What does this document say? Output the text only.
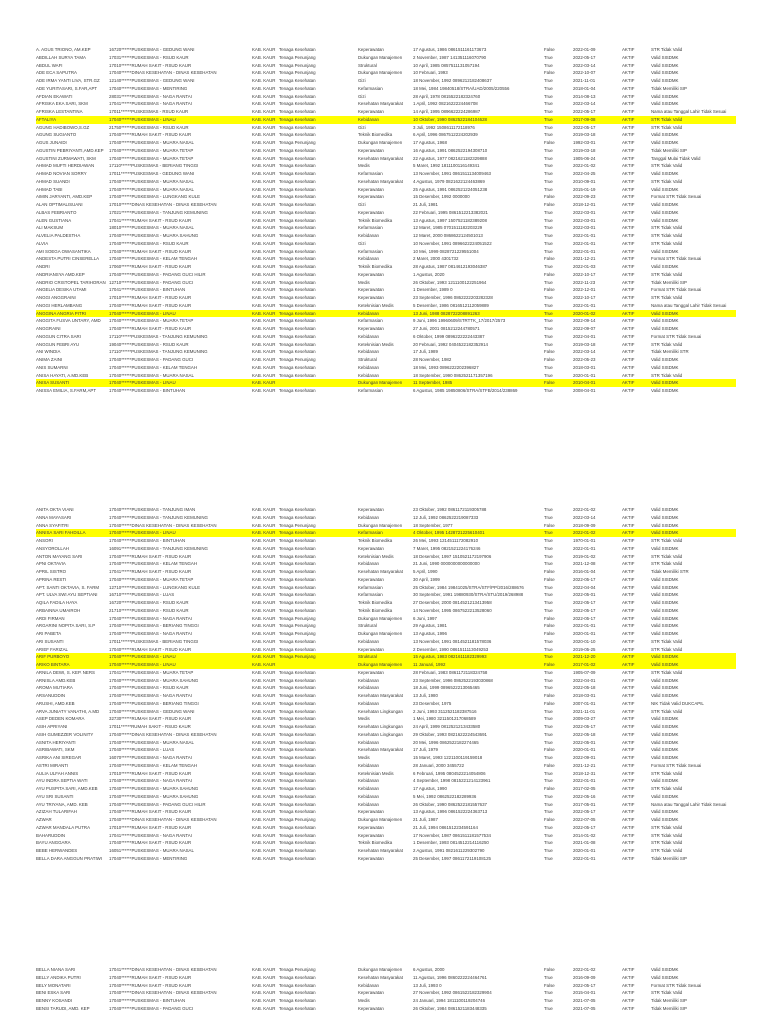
A. AGUS TRIONO, AM.KEP	16720******PUSKESMAS - GEDUNG WANI	KAB. KAUR Tenaga Kesehatan	Keperawatan	17 Agustus, 1986 0861511161173673	False	2022-01-09	AKTIF	STR Tidak Valid
ABDILLAH SURYA TAMA	17031******PUSKESMAS - RSUD KAUR	KAB. KAUR Tenaga Penunjang	Dukungan Manajemen	2 November, 1987 141351116070790	True	2022-05-17	AKTIF	Valid SISDMK
ABDUL WAFI	17010******RUMAH SAKIT - RSUD KAUR	KAB. KAUR Tenaga Penunjang	Struktural	10 April, 1985 0857511131057194	True	2022-03-14	AKTIF	Valid SISDMK
ADE ECA SAPUTRA	17040******DINAS KESEHATAN - DINAS KESEHATAN	KAB. KAUR Tenaga Penunjang	Dukungan Manajemen	10 Februari, 1993	False	2022-10-07	AKTIF	Valid SISDMK
ADE IRMA YANTI LIVA, STR.GZ	12140******PUSKESMAS - GEDUNG WANI	KAB. KAUR Tenaga Kesehatan	Gizi	18 November, 1992 0896212182408637	True	2021-11-01	AKTIF	Valid SISDMK
ADE YURITASARI, S.FAR,APT	17040******PUSKESMAS - MENTIRING	KAB. KAUR Tenaga Kesehatan	Kefarmasian	18 Mei, 1984 19840518/STRA/UAD/2005/220556	True	2018-01-04	AKTIF	Tidak Memiliki SIP
AFDIAN EKAWATI	28031******PUSKESMAS - NAGA RANTAI	KAB. KAUR Tenaga Kesehatan	Gizi	28 April, 1978 0815522182324760	True	2014-08-13	AKTIF	Valid SISDMK
AFRISKA EKA SARI, SKM	17041******PUSKESMAS - NAGA RANTAI	KAB. KAUR Tenaga Kesehatan	Kesehatan Masyarakat	1 April, 1992 0821622224466708	True	2022-03-14	AKTIF	Valid SISDMK
AFRISKA LESTANTINA	17011******PUSKESMAS - RSUD KAUR	KAB. KAUR Tenaga Kesehatan	Keperawatan	14 April, 1995 0896622224286987	True	2022-05-17	AKTIF	Nama atau Tanggal Lahir Tidak Sesuai
AFTALIYA	17040******PUSKESMAS - LINAU	KAB. KAUR Tenaga Kesehatan	Kebidanan	10 Oktober, 1990 0862522184104628	True	2017-09-08	AKTIF	STR Tidak Valid
AGUNG HADIBOWO,S.GZ	21750******PUSKESMAS - RSUD KAUR	KAB. KAUR Tenaga Kesehatan	Gizi	3 Juli, 1992 1508611172118976	True	2022-05-17	AKTIF	STR Tidak Valid
AGUNG SUGIANTO	17040******RUMAH SAKIT - RSUD KAUR	KAB. KAUR Tenaga Kesehatan	Teknik Biomedika	6 April, 1996 0867512224202939	True	2019-03-18	AKTIF	Valid SISDMK
AGUS JUNAIDI	17040******PUSKESMAS - MUARA NASAL	KAB. KAUR Tenaga Penunjang	Dukungan Manajemen	17 Agustus, 1968	False	1992-03-01	AKTIF	Valid SISDMK
AGUSTIN PEBRIYANTI,AMD.KEP	17040******PUSKESMAS - MUARA TETAP	KAB. KAUR Tenaga Kesehatan	Keperawatan	16 Agustus, 1991 0862522194308710	True	2019-03-18	AKTIF	Tidak Memiliki SIP
AGUSTINI ZURMAWATI, SKM	17040******PUSKESMAS - MUARA TETAP	KAB. KAUR Tenaga Kesehatan	Kesehatan Masyarakat	22 Agustus, 1977 0821621182329888	True	1905-06-24	AKTIF	Tanggal Mulai Tidak Valid
AHMAD MUFTI HERDIAWAN	17110******PUSKESMAS - BERIANG TINGGI	KAB. KAUR Tenaga Kesehatan	Medis	5 Maret, 1992 1811100116149341	True	2022-01-02	AKTIF	STR Tidak Valid
AHMAD NOVIAN SORRY	17011******PUSKESMAS - GEDUNG WANI	KAB. KAUR Tenaga Kesehatan	Kefarmasian	13 November, 1991 0861511134009463	True	2022-04-25	AKTIF	Valid SISDMK
AHMAD SUANDI	17040******PUSKESMAS - MUARA NASAL	KAB. KAUR Tenaga Kesehatan	Kesehatan Masyarakat	4 Agustus, 1979 0821622124463869	True	2010-09-01	AKTIF	STR Tidak Valid
AHMAD TABI	17040******PUSKESMAS - MUARA NASAL	KAB. KAUR Tenaga Kesehatan	Keperawatan	25 Agustus, 1991 0862521224051238	True	2015-01-19	AKTIF	Valid SISDMK
AIMIN JARYANTI, AMD.KEP	17040******PUSKESMAS - LUNGKANG KULE	KAB. KAUR Tenaga Kesehatan	Keperawatan	15 Desember, 1992 0000000	False	2022-09-23	AKTIF	Format STR Tidak Sesuai
ALAN OPTIMALISUANI	17010******DINAS KESEHATAN - DINAS KESEHATAN	KAB. KAUR Tenaga Kesehatan	Gizi	21 Juli, 1981	False	2018-12-01	AKTIF	Valid SISDMK
ALBAS FEBRIANTO	17021******PUSKESMAS - TANJUNG KEMUNING	KAB. KAUR Tenaga Kesehatan	Keperawatan	22 Februari, 1995 0861512213382021	True	2022-03-01	AKTIF	Valid SISDMK
ALEN GUSTIANA	17041******RUMAH SAKIT - RSUD KAUR	KAB. KAUR Tenaga Kesehatan	Teknik Biomedika	13 Agustus, 1997 1507521182389208	True	2022-03-01	AKTIF	Valid SISDMK
ALI MAKSUM	18010******PUSKESMAS - MUARA NASAL	KAB. KAUR Tenaga Kesehatan	Kefarmasian	12 Maret, 1985 0701511182203229	True	2022-03-01	AKTIF	STR Tidak Valid
ALVELIA PALDESTHA	17040******PUSKESMAS - MUARA SAHUNG	KAB. KAUR Tenaga Kesehatan	Kebidanan	12 Maret, 2000 0868622124501013	True	2022-01-01	AKTIF	STR Tidak Valid
ALVIA	17040******PUSKESMAS - RSUD KAUR	KAB. KAUR Tenaga Kesehatan	Gizi	10 November, 1991 0896622224051522	True	2022-01-01	AKTIF	STR Tidak Valid
AMI SOEGA OWASANTIKA	17040******RUMAH SAKIT - RSUD KAUR	KAB. KAUR Tenaga Kesehatan	Kefarmasian	10 Mei, 1999 0828721229551004	True	2022-01-01	AKTIF	Valid SISDMK
ANDESTA PUTRI CINSERELLA	17040******PUSKESMAS - KELAM TENGAH	KAB. KAUR Tenaga Kesehatan	Kebidanan	2 Maret, 2000 4301732	False	2021-12-21	AKTIF	Format STR Tidak Sesuai
ANDRI	17060******RUMAH SAKIT - RSUD KAUR	KAB. KAUR Tenaga Kesehatan	Teknik Biomedika	28 Agustus, 1987 0814612193046387	True	2022-01-03	AKTIF	Valid SISDMK
ANDRIANSYA AMD.KEP	17040******PUSKESMAS - PADANG GUCI HILIR	KAB. KAUR Tenaga Kesehatan	Keperawatan	1 Agustus, 2020	False	2022-10-17	AKTIF	STR Tidak Valid
ANDRIO CRISTOPEL TARIHORAN 12710******PUSKESMAS - PADANG GUCI	KAB. KAUR Tenaga Kesehatan	Medis	26 Oktober, 1993 1211100122251964	True	2022-11-23	AKTIF	Tidak Memiliki SIP
ANGELIA DESIKA UTAMI	17041******PUSKESMAS - BINTUHAN	KAB. KAUR Tenaga Kesehatan	Keperawatan	1 Desember, 1989 0	False	2022-12-01	AKTIF	Format STR Tidak Sesuai
ANGGI ANGGRAINI	17010******RUMAH SAKIT - RSUD KAUR	KAB. KAUR Tenaga Kesehatan	Keperawatan	23 September, 1996 0862222203282328	True	2022-10-17	AKTIF	STR Tidak Valid
ANGGI HERLAMBANG	17040******RUMAH SAKIT - RSUD KAUR	KAB. KAUR Tenaga Kesehatan	Keteknisian Medis	5 Desember, 1986 0816512112059889	True	2022-01-01	AKTIF	Nama atau Tanggal Lahir Tidak Sesuai
ANGGINA ANGRIA PITRI	17040******PUSKESMAS - LINAU	KAB. KAUR Tenaga Kesehatan	Kebidanan	13 Juni, 1988 0828722208891263	True	2020-01-02	AKTIF	Valid SISDMK
ANGGITA FUSVA UNTARY, AMD	17040******PUSKESMAS - MUARA TETAP	KAB. KAUR Tenaga Kesehatan	Kefarmasian	9 Juni, 1996 19960609/STRTTK_17/2017/2573	True	2022-09-14	AKTIF	Valid SISDMK
ANGGRAINI	17040******RUMAH SAKIT - RSUD KAUR	KAB. KAUR Tenaga Kesehatan	Keperawatan	27 Juni, 2001 0815212244780571	True	2022-09-07	AKTIF	Valid SISDMK
ANGGUN CITRA SARI	17110******PUSKESMAS - TANJUNG KEMUNING	KAB. KAUR Tenaga Kesehatan	Kebidanan	6 Oktober, 1999 0896222222443387	True	2022-04-01	AKTIF	Format STR Tidak Sesuai
ANGGUN FEBRI AYU	19040******PUSKESMAS - RSUD KAUR	KAB. KAUR Tenaga Kesehatan	Keteknisian Medis	20 Februari, 1992 0404522182352914	True	2019-03-18	AKTIF	STR Tidak Valid
ANI WINDIA	17110******PUSKESMAS - TANJUNG KEMUNING	KAB. KAUR Tenaga Kesehatan	Kebidanan	17 Juli, 1989	False	2022-03-14	AKTIF	Tidak Memiliki STR
ANIMA ZAINI	17040******PUSKESMAS - PADANG GUCI	KAB. KAUR Tenaga Penunjang	Struktural	28 November, 1982	False	2022-05-23	AKTIF	Valid SISDMK
ANIS SUMARNI	17040******PUSKESMAS - KELAM TENGAH	KAB. KAUR Tenaga Kesehatan	Kebidanan	18 Mei, 1993 0896222202396827	True	2018-03-01	AKTIF	Valid SISDMK
ANISA HAYATI, A.MD.KEB	17040******PUSKESMAS - MUARA NASAL	KAB. KAUR Tenaga Kesehatan	Kebidanan	18 September, 1990 0862521171357196	True	2020-01-01	AKTIF	STR Tidak Valid
ANISA SUSANTI	17040******PUSKESMAS - LINAU	KAB. KAUR	Dukungan Manajemen	11 September, 1985	False	2010-04-01	AKTIF	Valid SISDMK
ANISSA EMILIA, S.FARM,APT	17040******PUSKESMAS - BINTUHAN	KAB. KAUR Tenaga Kesehatan	Kefarmasian	6 Agustus, 1985 19850806/STRA/STFB/2014/238869	True	2008-04-01	AKTIF	Valid SISDMK
ANITA OKTA VIANI	17040******PUSKESMAS - TANJUNG IMAN	KAB. KAUR Tenaga Kesehatan	Keperawatan	23 Oktober, 1992 0861172119305788	True	2022-01-02	AKTIF	Valid SISDMK
ANNA MAYASARI	17040******PUSKESMAS - TANJUNG KEMUNING	KAB. KAUR Tenaga Kesehatan	Kebidanan	12 Juli, 1992 0862522219087333	True	2022-03-14	AKTIF	Valid SISDMK
ANNA SYAFITRI	17040******DINAS KESEHATAN - DINAS KESEHATAN	KAB. KAUR Tenaga Penunjang	Dukungan Manajemen	18 September, 1977	False	2018-09-09	AKTIF	Valid SISDMK
ANNISA SARI FAHDILLA	17040******PUSKESMAS - LINAU	KAB. KAUR Tenaga Kesehatan	Kefarmasian	4 Oktober, 1995 1428721225610401	True	2022-01-02	AKTIF	Valid SISDMK
ANSORI	17040******PUSKESMAS - BINTUHAN	KAB. KAUR Tenaga Kesehatan	Teknik Biomedika	26 Mei, 1993 1214511172082910	True	1970-01-01	AKTIF	STR Tidak Valid
ANSYOROLLAH	16091******PUSKESMAS - TANJUNG KEMUNING	KAB. KAUR Tenaga Kesehatan	Keperawatan	7 Maret, 1995 0821521224176246	True	2022-01-01	AKTIF	Valid SISDMK
ANTON MAYANG SARI	17040******RUMAH SAKIT - RSUD KAUR	KAB. KAUR Tenaga Kesehatan	Keteknisian Medis	18 Desember, 1997 1510521172197906	True	2019-01-02	AKTIF	STR Tidak Valid
APNI OKTAVIA	17040******PUSKESMAS - KELAM TENGAH	KAB. KAUR Tenaga Kesehatan	Kebidanan	21 Juni, 1990 0000000000000000	True	2021-12-08	AKTIF	STR Tidak Valid
APRIL SISTRO	17041******RUMAH SAKIT - RSUD KAUR	KAB. KAUR Tenaga Kesehatan	Kesehatan Masyarakat	5 April, 1990	False	2016-01-04	AKTIF	Tidak Memiliki STR
APRINA RESTI	17040******PUSKESMAS - MUARA TETAP	KAB. KAUR Tenaga Kesehatan	Keperawatan	30 April, 1999	False	2022-05-17	AKTIF	Valid SISDMK
APT. SANTI OKTAVIA, S. FARM	12710******PUSKESMAS - LUNGKANG KULE	KAB. KAUR Tenaga Kesehatan	Kefarmasian	25 Oktober, 1984 19841025/STRA/STF/PP/2016/288676	True	2022-04-04	AKTIF	Valid SISDMK
APT. ULVA SWI AYU SEPTIANI	16710******PUSKESMAS - LUAS	KAB. KAUR Tenaga Kesehatan	Kefarmasian	30 September, 1991 19880930/STRA/STU/2019/268988	True	2022-05-01	AKTIF	Valid SISDMK
AQILA FADILA HAYA	16720******PUSKESMAS - RSUD KAUR	KAB. KAUR Tenaga Kesehatan	Teknik Biomedika	27 Desember, 2000 0814521213413958	True	2022-05-17	AKTIF	Valid SISDMK
ARBAINNA UMAIROH	21710******PUSKESMAS - RSUD KAUR	KAB. KAUR Tenaga Kesehatan	Teknik Biomedika	14 November, 1995 0867522213528060	True	2022-05-17	AKTIF	Valid SISDMK
ARDI FIRMAN	17040******PUSKESMAS - NAGA RANTAI	KAB. KAUR Tenaga Penunjang	Dukungan Manajemen	6 Juni, 1997	False	2022-05-17	AKTIF	Valid SISDMK
ARGARINI NOPITA SARI, S.P	17040******PUSKESMAS - BERIANG TINGGI	KAB. KAUR Tenaga Penunjang	Struktural	29 Agustus, 1981	False	2022-01-01	AKTIF	Valid SISDMK
ARI PABETA	17040******PUSKESMAS - NAGA RANTAI	KAB. KAUR Tenaga Penunjang	Dukungan Manajemen	13 Agustus, 1996	False	2020-01-01	AKTIF	Valid SISDMK
ARI SUSANTI	17011******PUSKESMAS - BERIANG TINGGI	KAB. KAUR Tenaga Kesehatan	Kebidanan	13 November, 1991 0814521181578036	True	2020-01-10	AKTIF	STR Tidak Valid
ARIEF FARIZAL	17040******RUMAH SAKIT - RSUD KAUR	KAB. KAUR Tenaga Kesehatan	Keperawatan	2 Desember, 1990 0861511113049253	True	2019-05-25	AKTIF	STR Tidak Valid
ARIF PURBOYO	17040******PUSKESMAS - LINAU	KAB. KAUR Tenaga Penunjang	Struktural	15 Agustus, 1983 0821611182329993	True	2021-12-20	AKTIF	Valid SISDMK
ARIKO BINTARA	17040******PUSKESMAS - LINAU	KAB. KAUR	Dukungan Manajemen	11 Januari, 1992	False	2017-01-02	AKTIF	Valid SISDMK
ARNILA DEWI, S. KEP. NERS	17041******PUSKESMAS - MUARA TETAP	KAB. KAUR Tenaga Kesehatan	Keperawatan	28 Februari, 1983 0861172118324758	True	1905-07-09	AKTIF	STR Tidak Valid
ARNISLA AMD.KEB	17040******PUSKESMAS - MUARA SAHUNG	KAB. KAUR Tenaga Kesehatan	Kebidanan	23 September, 1996 0862522193030868	True	2022-04-01	AKTIF	Valid SISDMK
AROMA MUTIARA	17040******PUSKESMAS - RSUD KAUR	KAB. KAUR Tenaga Kesehatan	Kebidanan	18 Juni, 1999 0896522213065465	True	2022-05-18	AKTIF	Valid SISDMK
ARSANUDDIN	17040******PUSKESMAS - NAGA RANTAI	KAB. KAUR Tenaga Kesehatan	Kesehatan Masyarakat	13 Juli, 1980	False	2018-03-01	AKTIF	Valid SISDMK
ARUSHI, AMD.KEB	17040******PUSKESMAS - BERIANG TINGGI	KAB. KAUR Tenaga Kesehatan	Kebidanan	23 Desember, 1975	False	2007-01-01	AKTIF	NIK Tidak Valid DUKCAPIL
ARVA JUNIATY VANATHI, A.MD	17040******PUSKESMAS - GEDUNG WANI	KAB. KAUR Tenaga Kesehatan	Kesehatan Lingkungan	2 Juni, 1993 3112521182387516	True	2021-11-01	AKTIF	STR Tidak Valid
ASEP DEDEN KOMARA	32730******RUMAH SAKIT - RSUD KAUR	KAB. KAUR Tenaga Kesehatan	Medis	1 Mei, 1980 3211501217068589	True	2009-03-27	AKTIF	Valid SISDMK
ASIH APRIYANI	17011******RUMAH SAKIT - RSUD KAUR	KAB. KAUR Tenaga Kesehatan	Kesehatan Lingkungan	24 April, 1999 0812521213433580	True	2022-05-17	AKTIF	Valid SISDMK
ASIH GUMEZZER VOLINITY	17040******DINAS KESEHATAN - DINAS KESEHATAN	KAB. KAUR Tenaga Kesehatan	Kesehatan Lingkungan	29 Oktober, 1993 0821622224543691	True	2022-05-18	AKTIF	Valid SISDMK
ASNITA HERIYANTI	17040******PUSKESMAS - MUARA NASAL	KAB. KAUR Tenaga Kesehatan	Kebidanan	20 Mei, 1996 0862522182274465	True	2022-05-01	AKTIF	Valid SISDMK
ASRIBAWATI, SKM	17040******PUSKESMAS - LUAS	KAB. KAUR Tenaga Kesehatan	Kesehatan Masyarakat	17 Juli, 1979	False	2020-01-01	AKTIF	Valid SISDMK
ASRIKA ANI SIREGAR	16070******PUSKESMAS - NAGA RANTAI	KAB. KAUR Tenaga Kesehatan	Medis	15 Maret, 1993 1221100119159018	True	2022-09-01	AKTIF	Valid SISDMK
ASTRI MIRANTI	17040******PUSKESMAS - KELAM TENGAH	KAB. KAUR Tenaga Kesehatan	Kebidanan	28 Januari, 2000 3455722	False	2021-12-21	AKTIF	Format STR Tidak Sesuai
AULIA ULFAH ANNIS	17010******RUMAH SAKIT - RSUD KAUR	KAB. KAUR Tenaga Kesehatan	Keteknisian Medis	6 Februari, 1995 0804522214054806	True	2018-12-31	AKTIF	STR Tidak Valid
AYU INDRA SEPTIA WATI	17040******PUSKESMAS - NAGA RANTAI	KAB. KAUR Tenaga Kesehatan	Kebidanan	4 September, 1998 0815221214123961	True	2022-01-01	AKTIF	Valid SISDMK
AYU PUSPITA SARI, AMD.KEB	17040******PUSKESMAS - MUARA SAHUNG	KAB. KAUR Tenaga Kesehatan	Kebidanan	17 Agustus, 1990	False	2017-02-05	AKTIF	STR Tidak Valid
AYU SRI SUSANTI	17040******PUSKESMAS - MUARA SAHUNG	KAB. KAUR Tenaga Kesehatan	Kebidanan	5 Mei, 1992 0862522182289936	True	2022-05-16	AKTIF	Valid SISDMK
AYU TRIYANA, AMD. KEB	17040******PUSKESMAS - PADANG GUCI HILIR	KAB. KAUR Tenaga Kesehatan	Kebidanan	26 Oktober, 1990 0862522181557637	True	2017-05-01	AKTIF	Nama atau Tanggal Lahir Tidak Sesuai
AZIZAH TULARIFAH	17040******RUMAH SAKIT - RSUD KAUR	KAB. KAUR Tenaga Kesehatan	Keperawatan	13 Agustus, 1996 0861522224363713	True	2022-05-17	AKTIF	Valid SISDMK
AZWAR	17040******DINAS KESEHATAN - DINAS KESEHATAN	KAB. KAUR Tenaga Penunjang	Dukungan Manajemen	21 Juli, 1987	False	2022-07-05	AKTIF	Valid SISDMK
AZWAR MANDALA PUTRA	17010******RUMAH SAKIT - RSUD KAUR	KAB. KAUR Tenaga Kesehatan	Keperawatan	21 Juli, 1994 0861512234591164	True	2022-05-17	AKTIF	STR Tidak Valid
BAHARUDDIN	17041******PUSKESMAS - NAGA RANTAI	KAB. KAUR Tenaga Kesehatan	Keperawatan	17 November, 1987 0861511181577534	True	2014-01-02	AKTIF	STR Tidak Valid
BAYU ANGGARA	17040******RUMAH SAKIT - RSUD KAUR	KAB. KAUR Tenaga Kesehatan	Teknik Biomedika	1 Desember, 1993 0814512214116250	True	2021-01-08	AKTIF	STR Tidak Valid
BEBE HERWANDES	16051******PUSKESMAS - MUARA NASAL	KAB. KAUR Tenaga Kesehatan	Kesehatan Masyarakat	2 Agustus, 1991 0821611229302790	True	2020-01-01	AKTIF	STR Tidak Valid
BELLA DARA ANGGUN PRATIWI	17040******PUSKESMAS - MENTIRING	KAB. KAUR Tenaga Kesehatan	Keperawatan	25 Desember, 1997 0861172119108125	True	2022-01-01	AKTIF	Tidak Memiliki SIP
BELLA NIANA SARI	17041******DINAS KESEHATAN - DINAS KESEHATAN	KAB. KAUR Tenaga Penunjang	Dukungan Manajemen	6 Agustus, 2000	False	2022-01-02	AKTIF	Valid SISDMK
BELLY ANDIKA PUTRI	17040******RUMAH SAKIT - RSUD KAUR	KAB. KAUR Tenaga Kesehatan	Kesehatan Masyarakat	11 Agustus, 1996 0860222224464761	True	2016-09-09	AKTIF	Valid SISDMK
BELY MONATARI	17040******RUMAH SAKIT - RSUD KAUR	KAB. KAUR Tenaga Kesehatan	Kebidanan	13 Juli, 1993 0	False	2022-05-17	AKTIF	Format STR Tidak Sesuai
BENI ESKA SARI	17040******DINAS KESEHATAN - DINAS KESEHATAN	KAB. KAUR Tenaga Kesehatan	Keperawatan	27 November, 1992 0861522182329904	True	2015-04-01	AKTIF	STR Tidak Valid
BENNY KOSANDI	17040******PUSKESMAS - BINTUHAN	KAB. KAUR Tenaga Kesehatan	Medis	24 Januari, 1994 1811100119204746	True	2021-07-05	AKTIF	Tidak Memiliki SIP
BENSI TARUDI, AMD. KEP	17040******PUSKESMAS - PADANG GUCI	KAB. KAUR Tenaga Kesehatan	Keperawatan	26 Oktober, 1984 0861521183448335	True	2021-07-05	AKTIF	Tidak Memiliki SIP
